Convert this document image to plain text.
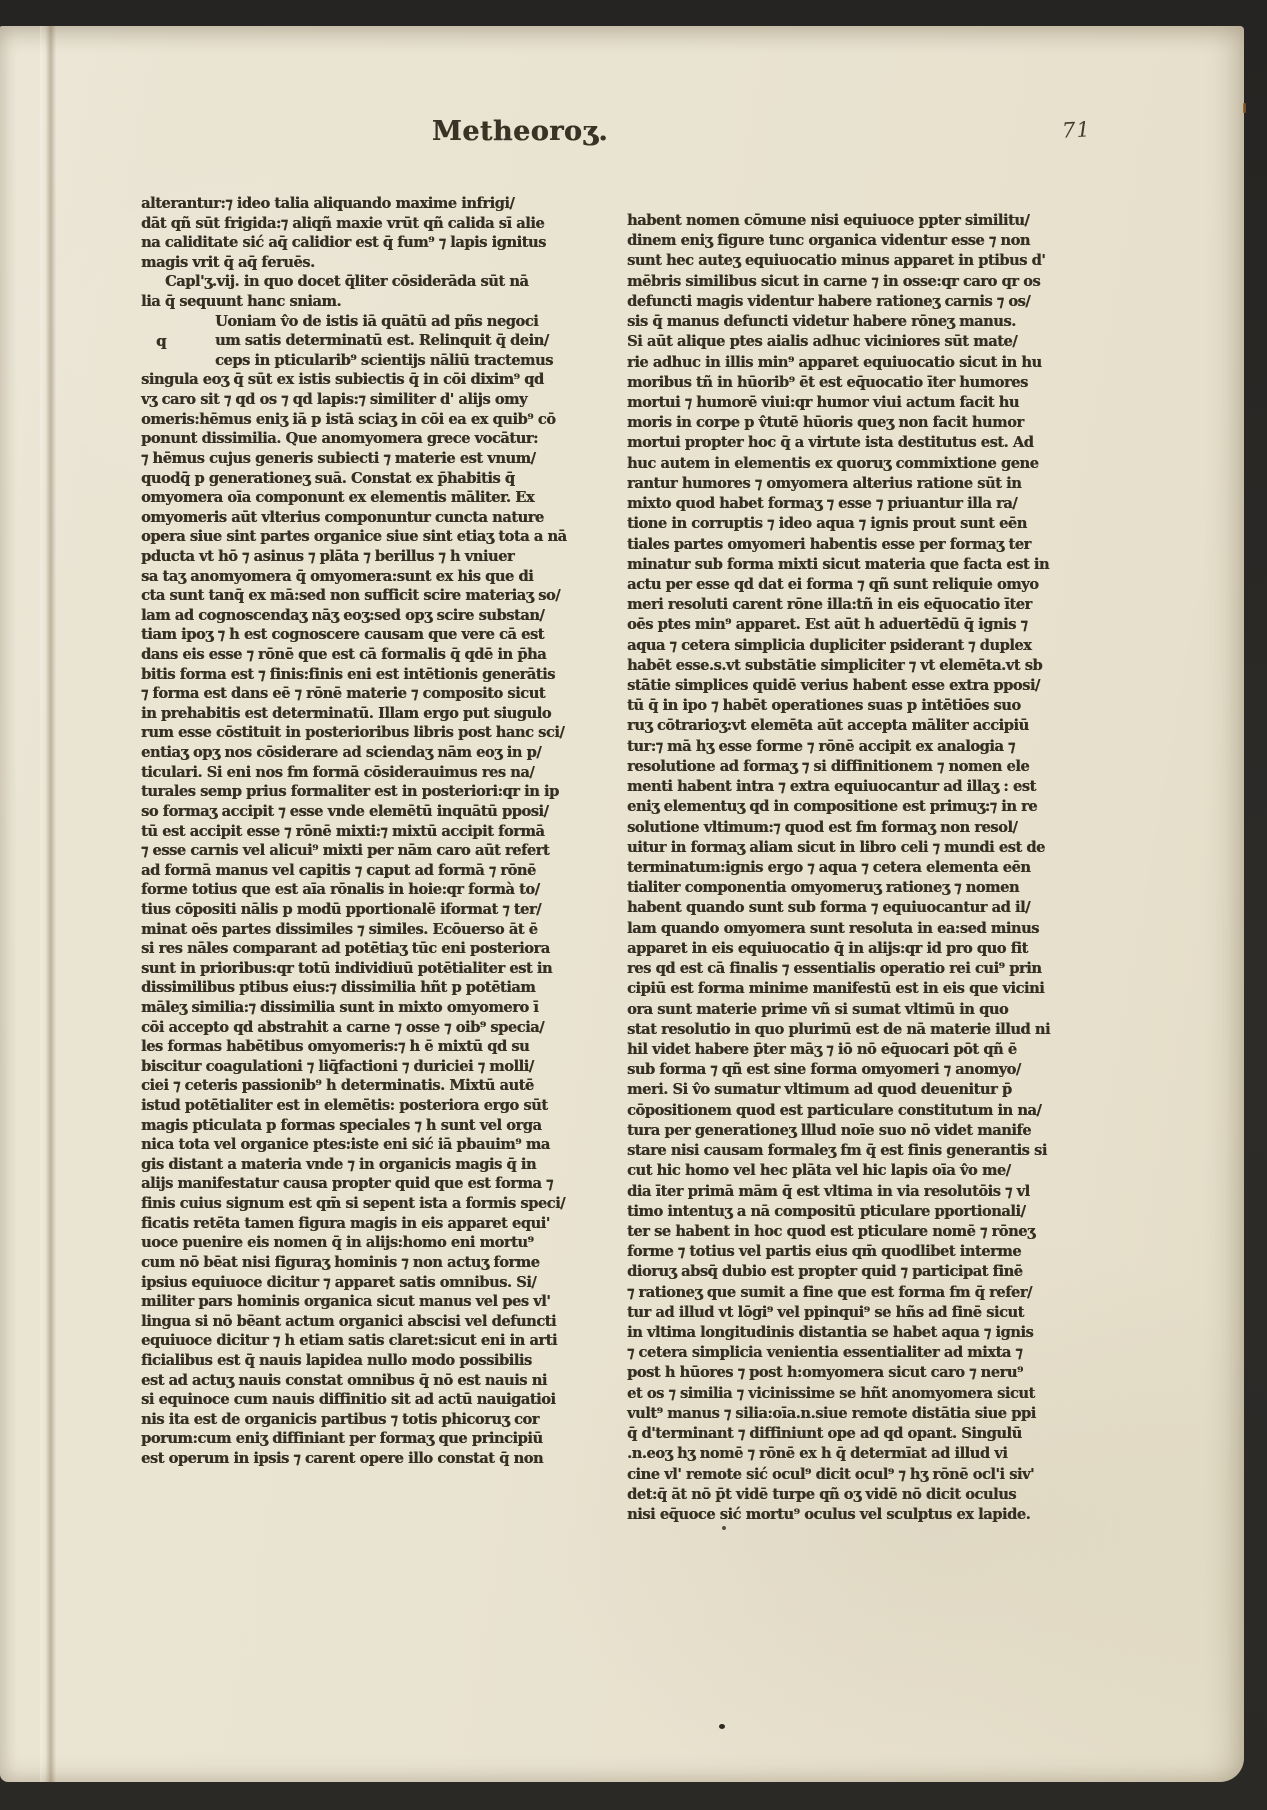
Metheoroʒ.	71
q
alterantur:⁊ ideo talia aliquando maxime infrigi/
dāt qñ sūt frigida:⁊ aliqñ maxie vrūt qñ calida sī alie
na caliditate sić aq̄ calidior est q̄ fum⁹ ⁊ lapis ignitus
magis vrit q̄ aq̄ feruēs.
Capl'ʒ.vij. in quo docet q̄liter cōsiderāda sūt nā
lia q̄ sequunt hanc sniam.
Uoniam v̂o de istis iā quātū ad pñs negoci
um satis determinatū est. Relinquit q̄ dein/
ceps in pticularib⁹ scientijs nāliū tractemus
singula eoʒ q̄ sūt ex istis subiectis q̄ in cōi dixim⁹ qd
vʒ caro sit ⁊ qd os ⁊ qd lapis:⁊ similiter d' alijs omy
omeris:hēmus eniʒ iā p istā sciaʒ in cōi ea ex quib⁹ cō
ponunt dissimilia. Que anomyomera grece vocātur:
⁊ hēmus cujus generis subiecti ⁊ materie est vnum/
quodq̄ p generationeʒ suā. Constat ex p̄habitis q̄
omyomera oīa componunt ex elementis māliter. Ex
omyomeris aūt vlterius componuntur cuncta nature
opera siue sint partes organice siue sint etiaʒ tota a nā
pducta vt hō ⁊ asinus ⁊ plāta ⁊ berillus ⁊ h vniuer
sa taʒ anomyomera q̄ omyomera:sunt ex his que di
cta sunt tanq̄ ex mā:sed non sufficit scire materiaʒ so/
lam ad cognoscendaʒ nāʒ eoʒ:sed opʒ scire substan/
tiam ipoʒ ⁊ h est cognoscere causam que vere cā est
dans eis esse ⁊ rōnē que est cā formalis q̄ qdē in p̄ha
bitis forma est ⁊ finis:finis eni est intētionis generātis
⁊ forma est dans eē ⁊ rōnē materie ⁊ composito sicut
in prehabitis est determinatū. Illam ergo put siugulo
rum esse cōstituit in posterioribus libris post hanc sci/
entiaʒ opʒ nos cōsiderare ad sciendaʒ nām eoʒ in p/
ticulari. Si eni nos fm formā cōsiderauimus res na/
turales semp prius formaliter est in posteriori:qr in ip
so formaʒ accipit ⁊ esse vnde elemētū inquātū pposi/
tū est accipit esse ⁊ rōnē mixti:⁊ mixtū accipit formā
⁊ esse carnis vel alicui⁹ mixti per nām caro aūt refert
ad formā manus vel capitis ⁊ caput ad formā ⁊ rōnē
forme totius que est aīa rōnalis in hoie:qr formà to/
tius cōpositi nālis p modū pportionalē iformat ⁊ ter/
minat oēs partes dissimiles ⁊ similes. Ecōuerso āt ē
si res nāles comparant ad potētiaʒ tūc eni posteriora
sunt in prioribus:qr totū individiuū potētialiter est in
dissimilibus ptibus eius:⁊ dissimilia hñt p potētiam
māleʒ similia:⁊ dissimilia sunt in mixto omyomero ī
cōi accepto qd abstrahit a carne ⁊ osse ⁊ oib⁹ specia/
les formas habētibus omyomeris:⁊ h ē mixtū qd su
biscitur coagulationi ⁊ liq̄factioni ⁊ duriciei ⁊ molli/
ciei ⁊ ceteris passionib⁹ h determinatis. Mixtū autē
istud potētialiter est in elemētis: posteriora ergo sūt
magis pticulata p formas speciales ⁊ h sunt vel orga
nica tota vel organice ptes:iste eni sić iā pbauim⁹ ma
gis distant a materia vnde ⁊ in organicis magis q̄ in
alijs manifestatur causa propter quid que est forma ⁊
finis cuius signum est qm̄ si sepent ista a formis speci/
ficatis retēta tamen figura magis in eis apparet equi'
uoce puenire eis nomen q̄ in alijs:homo eni mortu⁹
cum nō bēat nisi figuraʒ hominis ⁊ non actuʒ forme
ipsius equiuoce dicitur ⁊ apparet satis omnibus. Si/
militer pars hominis organica sicut manus vel pes vl'
lingua si nō bēant actum organici abscisi vel defuncti
equiuoce dicitur ⁊ h etiam satis claret:sicut eni in arti
ficialibus est q̄ nauis lapidea nullo modo possibilis
est ad actuʒ nauis constat omnibus q̄ nō est nauis ni
si equinoce cum nauis diffinitio sit ad actū nauigatioi
nis ita est de organicis partibus ⁊ totis phicoruʒ cor
porum:cum eniʒ diffiniant per formaʒ que principiū
est operum in ipsis ⁊ carent opere illo constat q̄ non
habent nomen cōmune nisi equiuoce ppter similitu/
dinem eniʒ figure tunc organica videntur esse ⁊ non
sunt hec auteʒ equiuocatio minus apparet in ptibus d'
mēbris similibus sicut in carne ⁊ in osse:qr caro qr os
defuncti magis videntur habere rationeʒ carnis ⁊ os/
sis q̄ manus defuncti videtur habere rōneʒ manus.
Si aūt alique ptes aialis adhuc viciniores sūt mate/
rie adhuc in illis min⁹ apparet equiuocatio sicut in hu
moribus tñ in hūorib⁹ ēt est eq̄uocatio īter humores
mortui ⁊ humorē viui:qr humor viui actum facit hu
moris in corpe p v̂tutē hūoris queʒ non facit humor
mortui propter hoc q̄ a virtute ista destitutus est. Ad
huc autem in elementis ex quoruʒ commixtione gene
rantur humores ⁊ omyomera alterius ratione sūt in
mixto quod habet formaʒ ⁊ esse ⁊ priuantur illa ra/
tione in corruptis ⁊ ideo aqua ⁊ ignis prout sunt eēn
tiales partes omyomeri habentis esse per formaʒ ter
minatur sub forma mixti sicut materia que facta est in
actu per esse qd dat ei forma ⁊ qñ sunt reliquie omyo
meri resoluti carent rōne illa:tñ in eis eq̄uocatio īter
oēs ptes min⁹ apparet. Est aūt h aduertēdū q̄ ignis ⁊
aqua ⁊ cetera simplicia dupliciter psiderant ⁊ duplex
habēt esse.s.vt substātie simpliciter ⁊ vt elemēta.vt sb
stātie simplices quidē verius habent esse extra pposi/
tū q̄ in ipo ⁊ habēt operationes suas p intētiōes suo
ruʒ cōtrarioʒ:vt elemēta aūt accepta māliter accipiū
tur:⁊ mā hʒ esse forme ⁊ rōnē accipit ex analogia ⁊
resolutione ad formaʒ ⁊ si diffinitionem ⁊ nomen ele
menti habent intra ⁊ extra equiuocantur ad illaʒ : est
eniʒ elementuʒ qd in compositione est primuʒ:⁊ in re
solutione vltimum:⁊ quod est fm formaʒ non resol/
uitur in formaʒ aliam sicut in libro celi ⁊ mundi est de
terminatum:ignis ergo ⁊ aqua ⁊ cetera elementa eēn
tialiter componentia omyomeruʒ rationeʒ ⁊ nomen
habent quando sunt sub forma ⁊ equiuocantur ad il/
lam quando omyomera sunt resoluta in ea:sed minus
apparet in eis equiuocatio q̄ in alijs:qr id pro quo fit
res qd est cā finalis ⁊ essentialis operatio rei cui⁹ prin
cipiū est forma minime manifestū est in eis que vicini
ora sunt materie prime vñ si sumat vltimū in quo
stat resolutio in quo plurimū est de nā materie illud ni
hil videt habere p̄ter māʒ ⁊ iō nō eq̄uocari pōt qñ ē
sub forma ⁊ qñ est sine forma omyomeri ⁊ anomyo/
meri. Si v̂o sumatur vltimum ad quod deuenitur p̄
cōpositionem quod est particulare constitutum in na/
tura per generationeʒ lllud noīe suo nō videt manife
stare nisi causam formaleʒ fm q̄ est finis generantis si
cut hic homo vel hec plāta vel hic lapis oīa v̂o me/
dia īter primā mām q̄ est vltima in via resolutōis ⁊ vl
timo intentuʒ a nā compositū pticulare pportionali/
ter se habent in hoc quod est pticulare nomē ⁊ rōneʒ
forme ⁊ totius vel partis eius qm̄ quodlibet interme
dioruʒ absq̄ dubio est propter quid ⁊ participat finē
⁊ rationeʒ que sumit a fine que est forma fm q̄ refer/
tur ad illud vt lōgi⁹ vel ppinqui⁹ se hñs ad finē sicut
in vltima longitudinis distantia se habet aqua ⁊ ignis
⁊ cetera simplicia venientia essentialiter ad mixta ⁊
post h hūores ⁊ post h:omyomera sicut caro ⁊ neru⁹
et os ⁊ similia ⁊ vicinissime se hñt anomyomera sicut
vult⁹ manus ⁊ silia:oīa.n.siue remote distātia siue ppi
q̄ d'terminant ⁊ diffiniunt ope ad qd opant. Singulū
.n.eoʒ hʒ nomē ⁊ rōnē ex h q̄ determīat ad illud vi
cine vl' remote sić ocul⁹ dicit ocul⁹ ⁊ hʒ rōnē ocl'i siv'
det:q̄ āt nō p̄t vidē turpe qñ oʒ vidē nō dicit oculus
nisi eq̄uoce sić mortu⁹ oculus vel sculptus ex lapide.
